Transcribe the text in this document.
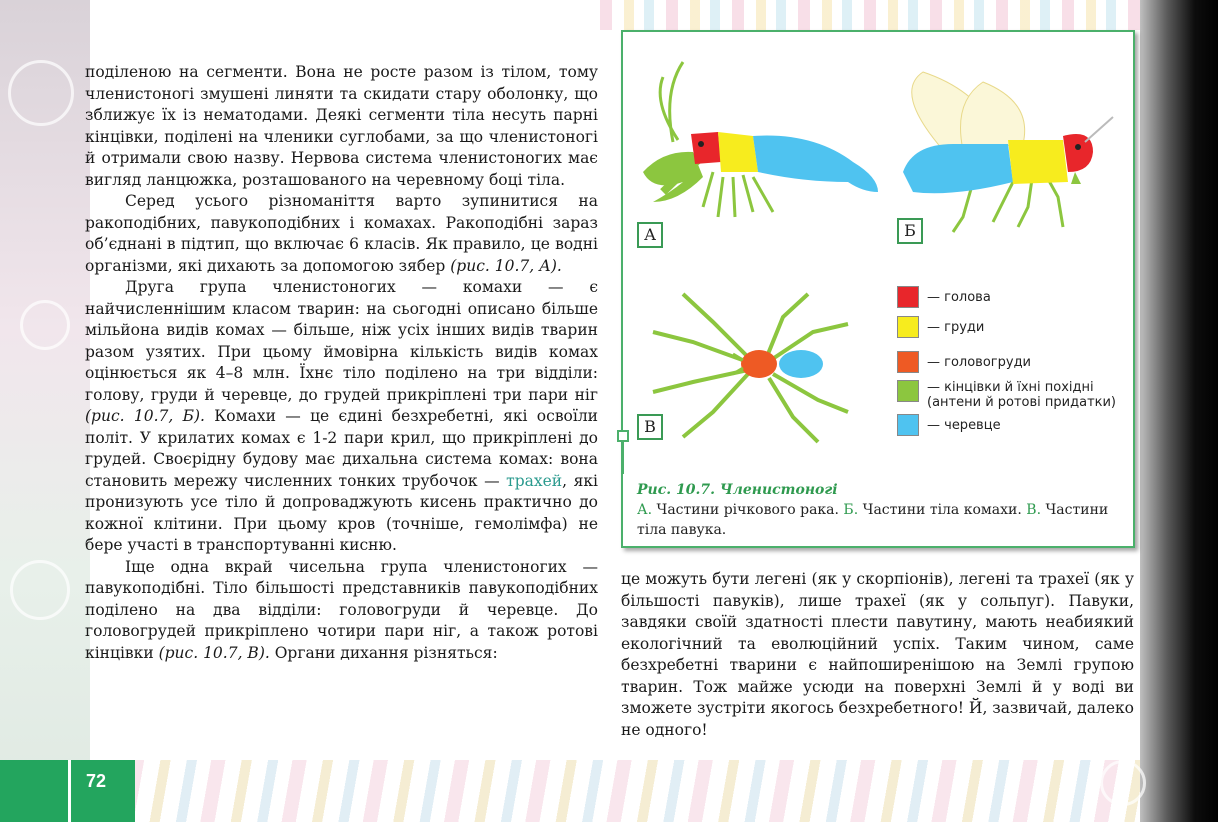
72

поділеною на сегменти. Вона не росте разом із тілом, тому членистоногі змушені линяти та скидати стару оболонку, що зближує їх із нематодами. Деякі сегменти тіла несуть парні кінцівки, поділені на членики суглобами, за що членистоногі й отримали свою назву. Нервова система членистоногих має вигляд ланцюжка, розташованого на черевному боці тіла.

Серед усього різноманіття варто зупинитися на ракоподібних, павукоподібних і комахах. Ракоподібні зараз об’єднані в підтип, що включає 6 класів. Як правило, це водні організми, які дихають за допомогою зябер (рис. 10.7, А).

Друга група членистоногих — комахи — є найчисленнішим класом тварин: на сьогодні описано більше мільйона видів комах — більше, ніж усіх інших видів тварин разом узятих. При цьому ймовірна кількість видів комах оцінюється як 4–8 млн. Їхнє тіло поділено на три відділи: голову, груди й черевце, до грудей прикріплені три пари ніг (рис. 10.7, Б). Комахи — це єдині безхребетні, які освоїли політ. У крилатих комах є 1-2 пари крил, що прикріплені до грудей. Своєрідну будову має дихальна система комах: вона становить мережу численних тонких трубочок — трахей, які пронизують усе тіло й допроваджують кисень практично до кожної клітини. При цьому кров (точніше, гемолімфа) не бере участі в транспортуванні кисню.

Іще одна вкрай чисельна група членистоногих — павукоподібні. Тіло більшості представників павукоподібних поділено на два відділи: головогруди й черевце. До головогрудей прикріплено чотири пари ніг, а також ротові кінцівки (рис. 10.7, В). Органи дихання різняться:

А	Б
В
— голова
— груди
— головогруди
— кінцівки й їхні похідні (антени й ротові придатки)
— черевце
Рис. 10.7. Членистоногі
А. Частини річкового рака. Б. Частини тіла комахи. В. Частини тіла павука.

це можуть бути легені (як у скорпіонів), легені та трахеї (як у більшості павуків), лише трахеї (як у сольпуг). Павуки, завдяки своїй здатності плести павутину, мають неабиякий екологічний та еволюційний успіх. Таким чином, саме безхребетні тварини є найпоширенішою на Землі групою тварин. Тож майже усюди на поверхні Землі й у воді ви зможете зустріти якогось безхребетного! Й, зазвичай, далеко не одного!
